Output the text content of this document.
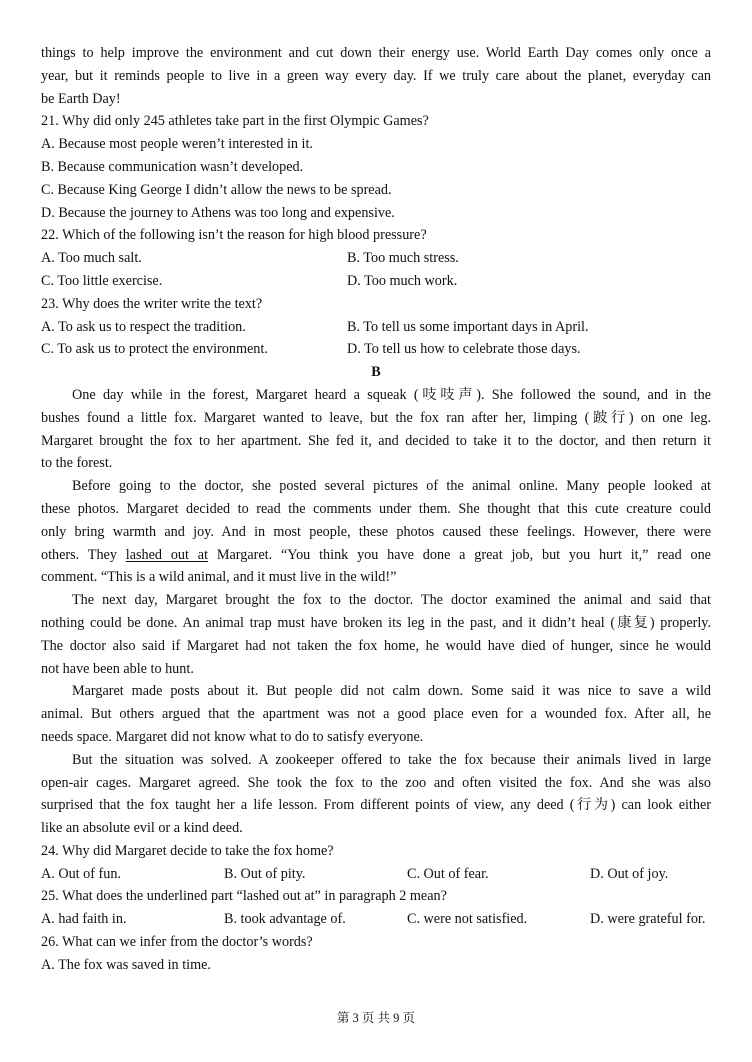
things to help improve the environment and cut down their energy use. World Earth Day comes only once a
year, but it reminds people to live in a green way every day. If we truly care about the planet, everyday can
be Earth Day!
21. Why did only 245 athletes take part in the first Olympic Games?
A. Because most people weren’t interested in it.
B. Because communication wasn’t developed.
C. Because King George I didn’t allow the news to be spread.
D. Because the journey to Athens was too long and expensive.
22. Which of the following isn’t the reason for high blood pressure?
A. Too much salt.	B. Too much stress.
C. Too little exercise.	D. Too much work.
23. Why does the writer write the text?
A. To ask us to respect the tradition.	B. To tell us some important days in April.
C. To ask us to protect the environment.	D. To tell us how to celebrate those days.
B
One day while in the forest, Margaret heard a squeak (吱吱声). She followed the sound, and in the
bushes found a little fox. Margaret wanted to leave, but the fox ran after her, limping (跛行) on one leg.
Margaret brought the fox to her apartment. She fed it, and decided to take it to the doctor, and then return it
to the forest.
Before going to the doctor, she posted several pictures of the animal online. Many people looked at
these photos. Margaret decided to read the comments under them. She thought that this cute creature could
only bring warmth and joy. And in most people, these photos caused these feelings. However, there were
others. They lashed out at Margaret. “You think you have done a great job, but you hurt it,” read one
comment. “This is a wild animal, and it must live in the wild!”
The next day, Margaret brought the fox to the doctor. The doctor examined the animal and said that
nothing could be done. An animal trap must have broken its leg in the past, and it didn’t heal (康复) properly.
The doctor also said if Margaret had not taken the fox home, he would have died of hunger, since he would
not have been able to hunt.
Margaret made posts about it. But people did not calm down. Some said it was nice to save a wild
animal. But others argued that the apartment was not a good place even for a wounded fox. After all, he
needs space. Margaret did not know what to do to satisfy everyone.
But the situation was solved. A zookeeper offered to take the fox because their animals lived in large
open-air cages. Margaret agreed. She took the fox to the zoo and often visited the fox. And she was also
surprised that the fox taught her a life lesson. From different points of view, any deed (行为) can look either
like an absolute evil or a kind deed.
24. Why did Margaret decide to take the fox home?
A. Out of fun.	B. Out of pity.	C. Out of fear.	D. Out of joy.
25. What does the underlined part “lashed out at” in paragraph 2 mean?
A. had faith in.	B. took advantage of.	C. were not satisfied.	D. were grateful for.
26. What can we infer from the doctor’s words?
A. The fox was saved in time.
第 3 页 共 9 页
